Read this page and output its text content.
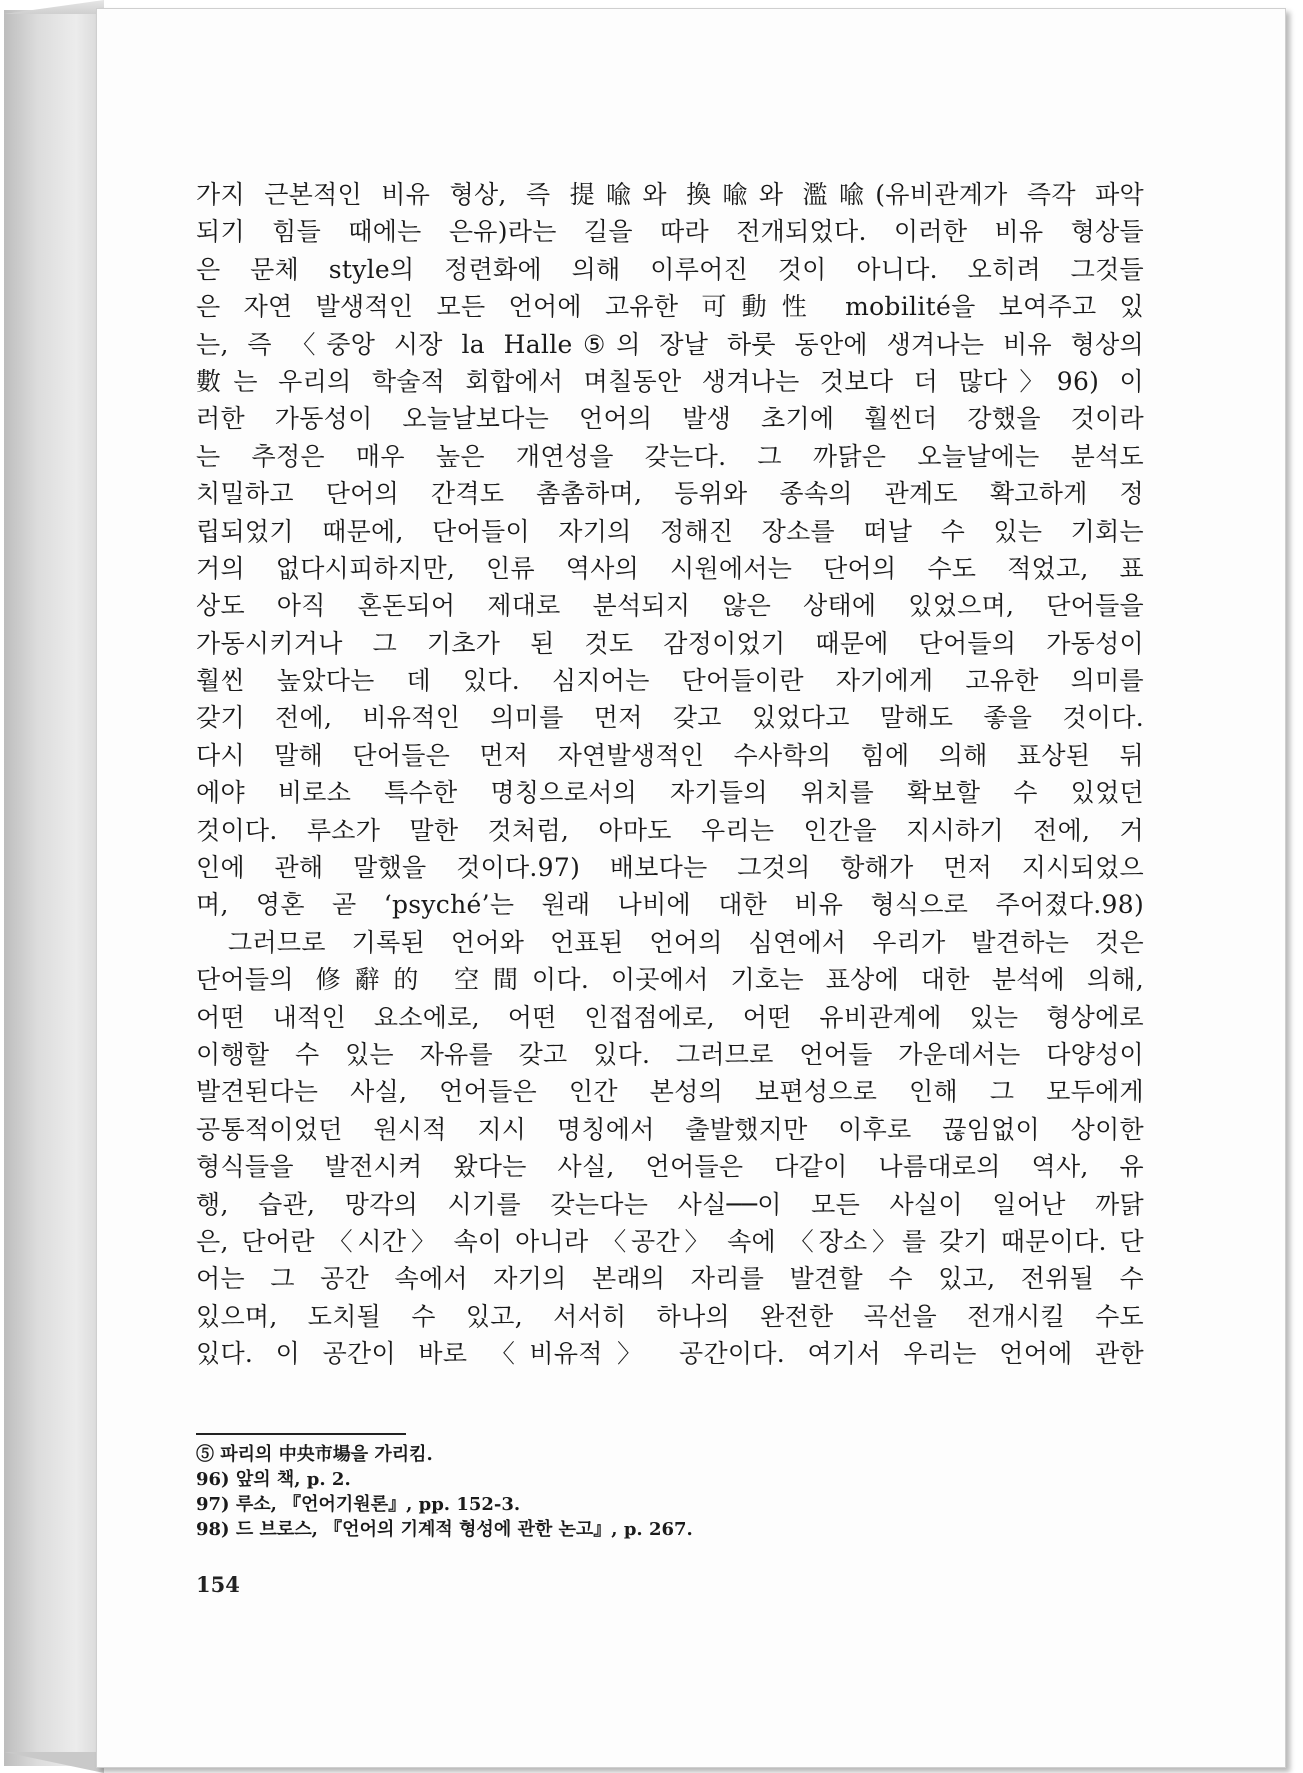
가지 근본적인 비유 형상, 즉 提喩와 換喩와 濫喩(유비관계가 즉각 파악
되기 힘들 때에는 은유)라는 길을 따라 전개되었다. 이러한 비유 형상들
은 문체 style의 정련화에 의해 이루어진 것이 아니다. 오히려 그것들
은 자연 발생적인 모든 언어에 고유한 可動性 mobilité을 보여주고 있
는, 즉 〈중앙 시장 la Halle⑤의 장날 하룻 동안에 생겨나는 비유 형상의
數는 우리의 학술적 회합에서 며칠동안 생겨나는 것보다 더 많다〉96) 이
러한 가동성이 오늘날보다는 언어의 발생 초기에 훨씬더 강했을 것이라
는 추정은 매우 높은 개연성을 갖는다. 그 까닭은 오늘날에는 분석도
치밀하고 단어의 간격도 촘촘하며, 등위와 종속의 관계도 확고하게 정
립되었기 때문에, 단어들이 자기의 정해진 장소를 떠날 수 있는 기회는
거의 없다시피하지만, 인류 역사의 시원에서는 단어의 수도 적었고, 표
상도 아직 혼돈되어 제대로 분석되지 않은 상태에 있었으며, 단어들을
가동시키거나 그 기초가 된 것도 감정이었기 때문에 단어들의 가동성이
훨씬 높았다는 데 있다. 심지어는 단어들이란 자기에게 고유한 의미를
갖기 전에, 비유적인 의미를 먼저 갖고 있었다고 말해도 좋을 것이다.
다시 말해 단어들은 먼저 자연발생적인 수사학의 힘에 의해 표상된 뒤
에야 비로소 특수한 명칭으로서의 자기들의 위치를 확보할 수 있었던
것이다. 루소가 말한 것처럼, 아마도 우리는 인간을 지시하기 전에, 거
인에 관해 말했을 것이다.97) 배보다는 그것의 항해가 먼저 지시되었으
며, 영혼 곧 ‘psyché’는 원래 나비에 대한 비유 형식으로 주어졌다.98)
그러므로 기록된 언어와 언표된 언어의 심연에서 우리가 발견하는 것은
단어들의 修辭的 空間이다. 이곳에서 기호는 표상에 대한 분석에 의해,
어떤 내적인 요소에로, 어떤 인접점에로, 어떤 유비관계에 있는 형상에로
이행할 수 있는 자유를 갖고 있다. 그러므로 언어들 가운데서는 다양성이
발견된다는 사실, 언어들은 인간 본성의 보편성으로 인해 그 모두에게
공통적이었던 원시적 지시 명칭에서 출발했지만 이후로 끊임없이 상이한
형식들을 발전시켜 왔다는 사실, 언어들은 다같이 나름대로의 역사, 유
행, 습관, 망각의 시기를 갖는다는 사실──이 모든 사실이 일어난 까닭
은, 단어란 〈시간〉 속이 아니라 〈공간〉 속에 〈장소〉를 갖기 때문이다. 단
어는 그 공간 속에서 자기의 본래의 자리를 발견할 수 있고, 전위될 수
있으며, 도치될 수 있고, 서서히 하나의 완전한 곡선을 전개시킬 수도
있다. 이 공간이 바로 〈비유적〉 공간이다. 여기서 우리는 언어에 관한
⑤ 파리의 中央市場을 가리킴.
96) 앞의 책, p. 2.
97) 루소, 『언어기원론』, pp. 152-3.
98) 드 브로스, 『언어의 기계적 형성에 관한 논고』, p. 267.
154
